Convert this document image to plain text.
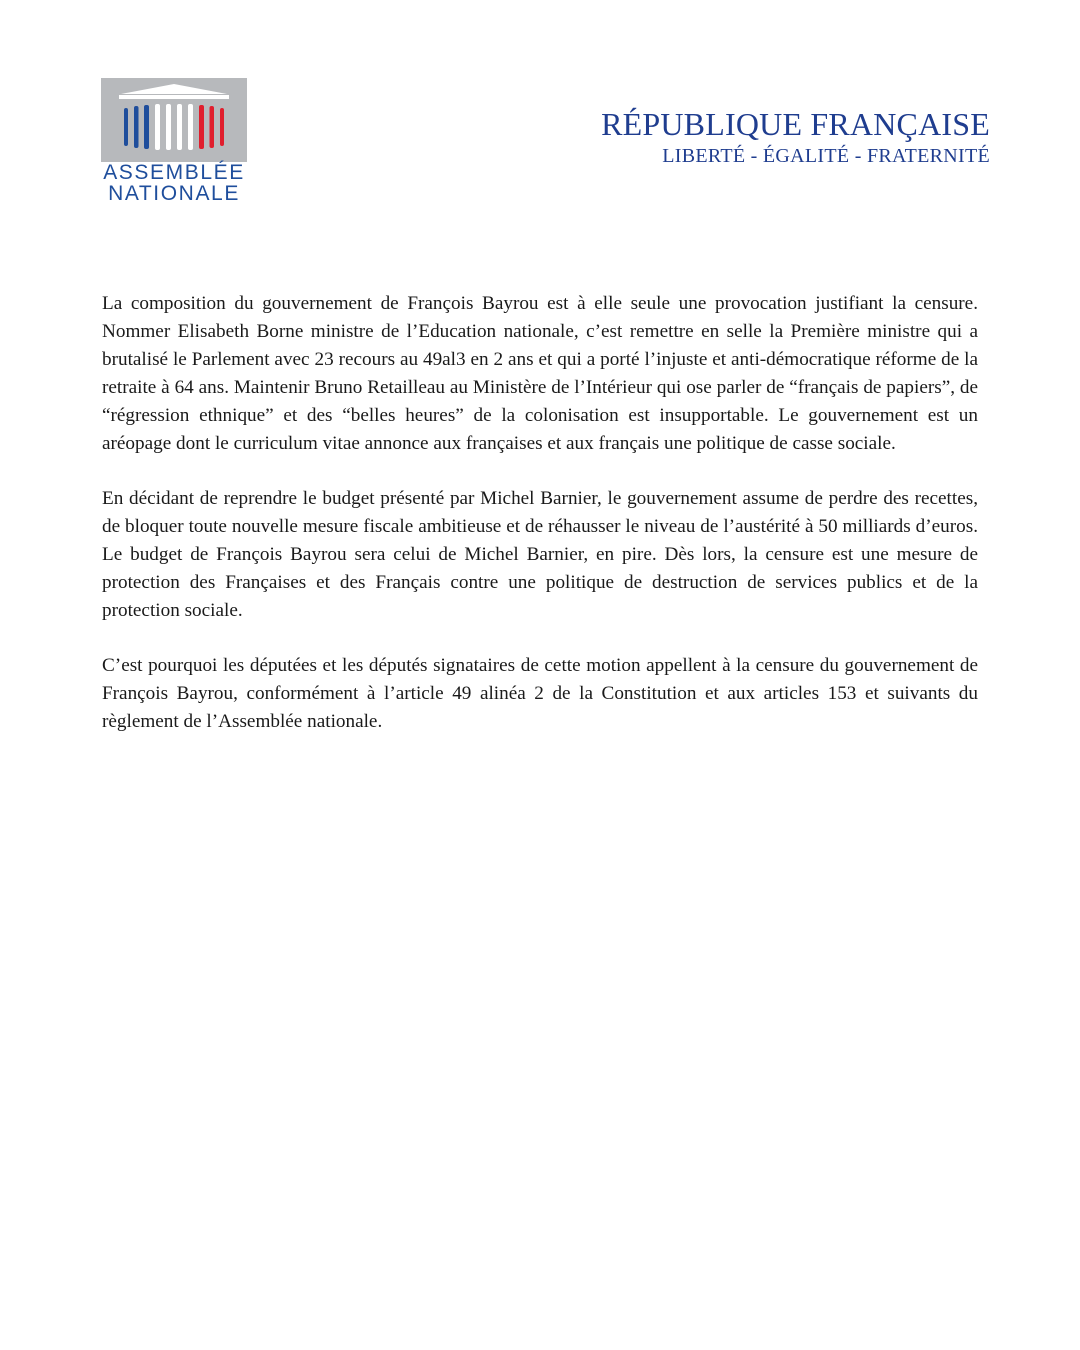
ASSEMBLÉE
NATIONALE
RÉPUBLIQUE FRANÇAISE
LIBERTÉ - ÉGALITÉ - FRATERNITÉ

La composition du gouvernement de François Bayrou est à elle seule une provocation justifiant la censure. Nommer Elisabeth Borne ministre de l’Education nationale, c’est remettre en selle la Première ministre qui a brutalisé le Parlement avec 23 recours au 49al3 en 2 ans et qui a porté l’injuste et anti-démocratique réforme de la retraite à 64 ans. Maintenir Bruno Retailleau au Ministère de l’Intérieur qui ose parler de “français de papiers”, de “régression ethnique” et des “belles heures” de la colonisation est insupportable. Le gouvernement est un aréopage dont le curriculum vitae annonce aux françaises et aux français une politique de casse sociale.

En décidant de reprendre le budget présenté par Michel Barnier, le gouvernement assume de perdre des recettes, de bloquer toute nouvelle mesure fiscale ambitieuse et de réhausser le niveau de l’austérité à 50 milliards d’euros. Le budget de François Bayrou sera celui de Michel Barnier, en pire. Dès lors, la censure est une mesure de protection des Françaises et des Français contre une politique de destruction de services publics et de la protection sociale.

C’est pourquoi les députées et les députés signataires de cette motion appellent à la censure du gouvernement de François Bayrou, conformément à l’article 49 alinéa 2 de la Constitution et aux articles 153 et suivants du règlement de l’Assemblée nationale.
